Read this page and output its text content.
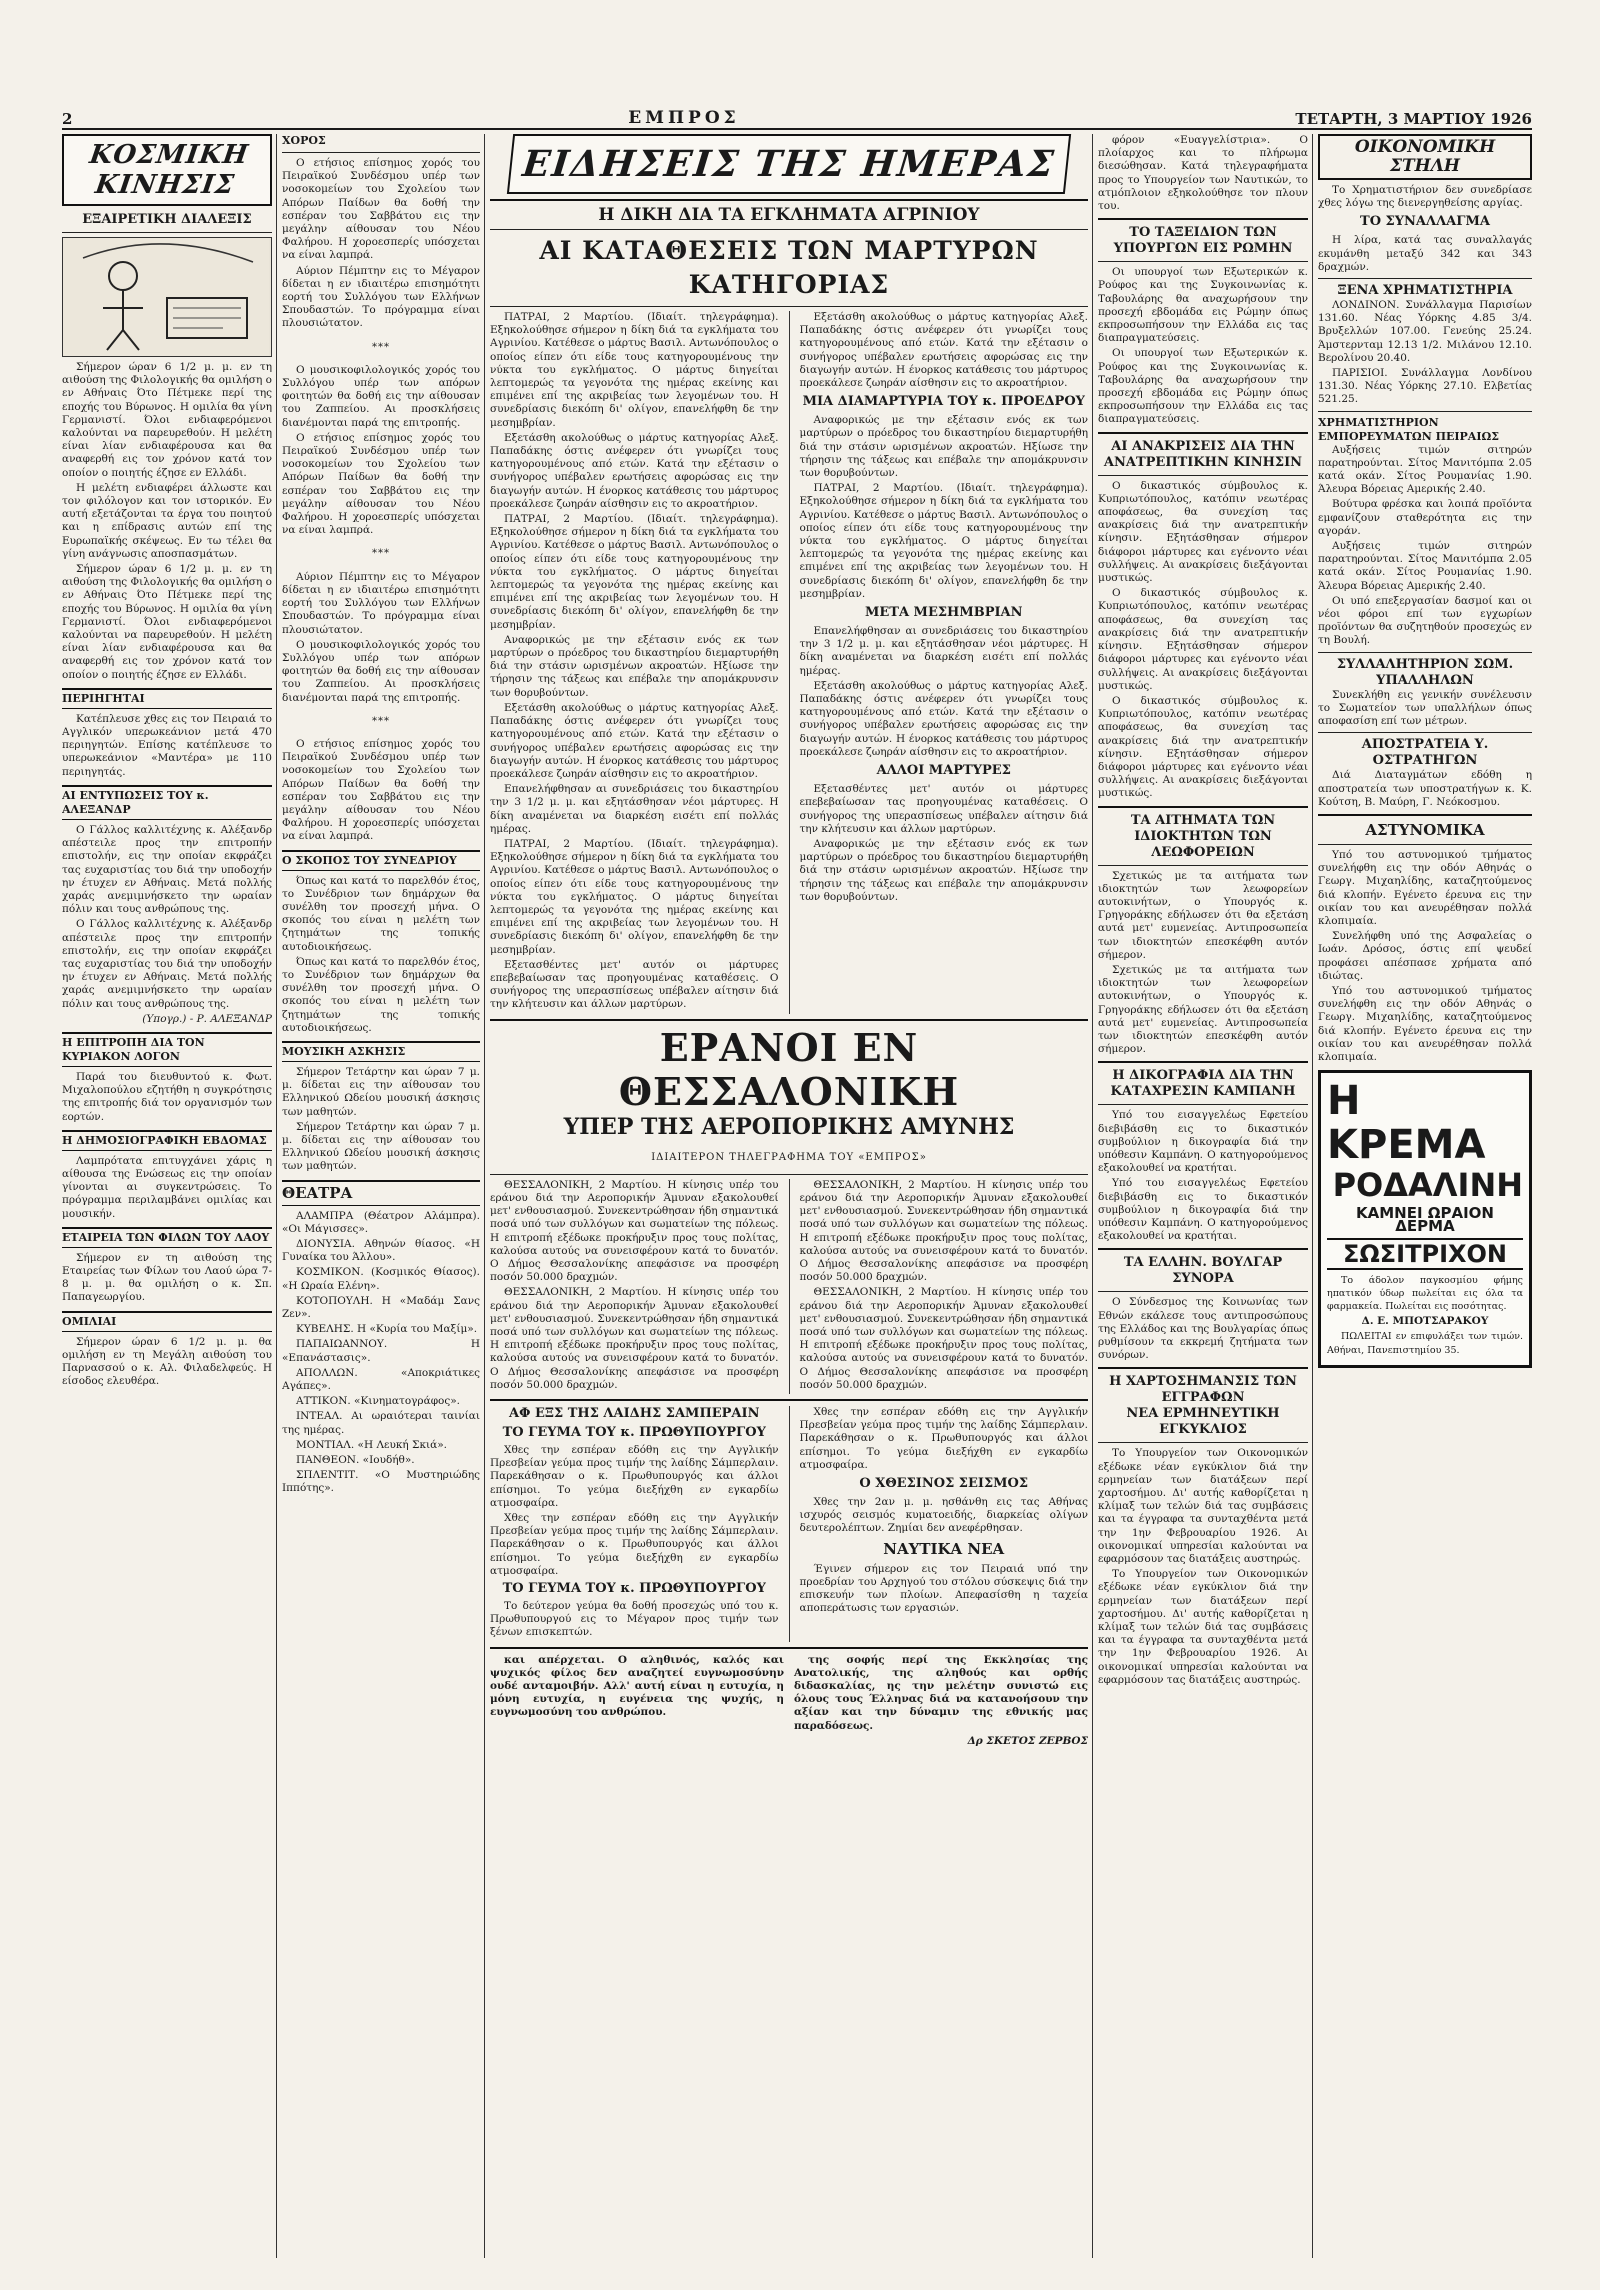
2	ΕΜΠΡΟΣ	ΤΕΤΑΡΤΗ, 3 ΜΑΡΤΙΟΥ 1926
ΚΟΣΜΙΚΗ ΚΙΝΗΣΙΣ
ΕΞΑΙΡΕΤΙΚΗ ΔΙΑΛΕΞΙΣ

Σήμερον ώραν 6 1/2 μ. μ. εν τη αιθούση της Φιλολογικής θα ομιλήση ο εν Αθήναις Ότο Πέτμεκε περί της εποχής του Βύρωνος. Η ομιλία θα γίνη Γερμανιστί. Όλοι ενδιαφερόμενοι καλούνται να παρευρεθούν. Η μελέτη είναι λίαν ενδιαφέρουσα και θα αναφερθή εις τον χρόνον κατά τον οποίον ο ποιητής έζησε εν Ελλάδι.

Η μελέτη ενδιαφέρει άλλωστε και τον φιλόλογον και τον ιστορικόν. Εν αυτή εξετάζονται τα έργα του ποιητού και η επίδρασις αυτών επί της Ευρωπαϊκής σκέψεως. Εν τω τέλει θα γίνη ανάγνωσις αποσπασμάτων.

Σήμερον ώραν 6 1/2 μ. μ. εν τη αιθούση της Φιλολογικής θα ομιλήση ο εν Αθήναις Ότο Πέτμεκε περί της εποχής του Βύρωνος. Η ομιλία θα γίνη Γερμανιστί. Όλοι ενδιαφερόμενοι καλούνται να παρευρεθούν. Η μελέτη είναι λίαν ενδιαφέρουσα και θα αναφερθή εις τον χρόνον κατά τον οποίον ο ποιητής έζησε εν Ελλάδι.

ΠΕΡΙΗΓΗΤΑΙ

Κατέπλευσε χθες εις τον Πειραιά το Αγγλικόν υπερωκεάνιον μετά 470 περιηγητών. Επίσης κατέπλευσε το υπερωκεάνιον «Μαντέρα» με 110 περιηγητάς.

ΑΙ ΕΝΤΥΠΩΣΕΙΣ ΤΟΥ κ. ΑΛΕΞΑΝΔΡ

Ο Γάλλος καλλιτέχνης κ. Αλέξανδρ απέστειλε προς την επιτροπήν επιστολήν, εις την οποίαν εκφράζει τας ευχαριστίας του διά την υποδοχήν ην έτυχεν εν Αθήναις. Μετά πολλής χαράς ανεμιμνήσκετο την ωραίαν πόλιν και τους ανθρώπους της.

Ο Γάλλος καλλιτέχνης κ. Αλέξανδρ απέστειλε προς την επιτροπήν επιστολήν, εις την οποίαν εκφράζει τας ευχαριστίας του διά την υποδοχήν ην έτυχεν εν Αθήναις. Μετά πολλής χαράς ανεμιμνήσκετο την ωραίαν πόλιν και τους ανθρώπους της.

(Υπογρ.) - Ρ. ΑΛΕΞΑΝΔΡ

Η ΕΠΙΤΡΟΠΗ ΔΙΑ ΤΟΝ ΚΥΡΙΑΚΟΝ ΛΟΓΟΝ

Παρά του διευθυντού κ. Φωτ. Μιχαλοπούλου εζητήθη η συγκρότησις της επιτροπής διά τον οργανισμόν των εορτών.

Η ΔΗΜΟΣΙΟΓΡΑΦΙΚΗ ΕΒΔΟΜΑΣ

Λαμπρότατα επιτυγχάνει χάρις η αίθουσα της Ενώσεως εις την οποίαν γίνονται αι συγκεντρώσεις. Το πρόγραμμα περιλαμβάνει ομιλίας και μουσικήν.

ΕΤΑΙΡΕΙΑ ΤΩΝ ΦΙΛΩΝ ΤΟΥ ΛΑΟΥ

Σήμερον εν τη αιθούση της Εταιρείας των Φίλων του Λαού ώρα 7-8 μ. μ. θα ομιλήση ο κ. Σπ. Παπαγεωργίου.

ΟΜΙΛΙΑΙ

Σήμερον ώραν 6 1/2 μ. μ. θα ομιλήση εν τη Μεγάλη αιθούση του Παρνασσού ο κ. Αλ. Φιλαδελφεύς. Η είσοδος ελευθέρα.

ΧΟΡΟΣ

Ο ετήσιος επίσημος χορός του Πειραϊκού Συνδέσμου υπέρ των νοσοκομείων του Σχολείου των Απόρων Παίδων θα δοθή την εσπέραν του Σαββάτου εις την μεγάλην αίθουσαν του Νέου Φαλήρου. Η χοροεσπερίς υπόσχεται να είναι λαμπρά.

Αύριον Πέμπτην εις το Μέγαρον δίδεται η εν ιδιαιτέρω επισημότητι εορτή του Συλλόγου των Ελλήνων Σπουδαστών. Το πρόγραμμα είναι πλουσιώτατον.

***

Ο μουσικοφιλολογικός χορός του Συλλόγου υπέρ των απόρων φοιτητών θα δοθή εις την αίθουσαν του Ζαππείου. Αι προσκλήσεις διανέμονται παρά της επιτροπής.

Ο ετήσιος επίσημος χορός του Πειραϊκού Συνδέσμου υπέρ των νοσοκομείων του Σχολείου των Απόρων Παίδων θα δοθή την εσπέραν του Σαββάτου εις την μεγάλην αίθουσαν του Νέου Φαλήρου. Η χοροεσπερίς υπόσχεται να είναι λαμπρά.

***

Αύριον Πέμπτην εις το Μέγαρον δίδεται η εν ιδιαιτέρω επισημότητι εορτή του Συλλόγου των Ελλήνων Σπουδαστών. Το πρόγραμμα είναι πλουσιώτατον.

Ο μουσικοφιλολογικός χορός του Συλλόγου υπέρ των απόρων φοιτητών θα δοθή εις την αίθουσαν του Ζαππείου. Αι προσκλήσεις διανέμονται παρά της επιτροπής.

***

Ο ετήσιος επίσημος χορός του Πειραϊκού Συνδέσμου υπέρ των νοσοκομείων του Σχολείου των Απόρων Παίδων θα δοθή την εσπέραν του Σαββάτου εις την μεγάλην αίθουσαν του Νέου Φαλήρου. Η χοροεσπερίς υπόσχεται να είναι λαμπρά.

Ο ΣΚΟΠΟΣ ΤΟΥ ΣΥΝΕΔΡΙΟΥ

Όπως και κατά το παρελθόν έτος, το Συνέδριον των δημάρχων θα συνέλθη τον προσεχή μήνα. Ο σκοπός του είναι η μελέτη των ζητημάτων της τοπικής αυτοδιοικήσεως.

Όπως και κατά το παρελθόν έτος, το Συνέδριον των δημάρχων θα συνέλθη τον προσεχή μήνα. Ο σκοπός του είναι η μελέτη των ζητημάτων της τοπικής αυτοδιοικήσεως.

ΜΟΥΣΙΚΗ ΑΣΚΗΣΙΣ

Σήμερον Τετάρτην και ώραν 7 μ. μ. δίδεται εις την αίθουσαν του Ελληνικού Ωδείου μουσική άσκησις των μαθητών.

Σήμερον Τετάρτην και ώραν 7 μ. μ. δίδεται εις την αίθουσαν του Ελληνικού Ωδείου μουσική άσκησις των μαθητών.

ΘΕΑΤΡΑ

ΑΛΑΜΠΡΑ (Θέατρον Αλάμπρα). «Οι Μάγισσες».

ΔΙΟΝΥΣΙΑ. Αθηνών θίασος. «Η Γυναίκα του Άλλου».

ΚΟΣΜΙΚΟΝ. (Κοσμικός Θίασος). «Η Ωραία Ελένη».

ΚΟΤΟΠΟΥΛΗ. Η «Μαδάμ Σανς Ζεν».

ΚΥΒΕΛΗΣ. Η «Κυρία του Μαξίμ».

ΠΑΠΑΙΩΑΝΝΟΥ. Η «Επανάστασις».

ΑΠΟΛΛΩΝ. «Αποκριάτικες Αγάπες».

ΑΤΤΙΚΟΝ. «Κινηματογράφος».

ΙΝΤΕΑΛ. Αι ωραιότεραι ταινίαι της ημέρας.

ΜΟΝΤΙΑΛ. «Η Λευκή Σκιά».

ΠΑΝΘΕΟΝ. «Ιουδήθ».

ΣΠΛΕΝΤΙΤ. «Ο Μυστηριώδης Ιππότης».

ΕΙΔΗΣΕΙΣ ΤΗΣ ΗΜΕΡΑΣ
Η ΔΙΚΗ ΔΙΑ ΤΑ ΕΓΚΛΗΜΑΤΑ ΑΓΡΙΝΙΟΥ
ΑΙ ΚΑΤΑΘΕΣΕΙΣ ΤΩΝ ΜΑΡΤΥΡΩΝ ΚΑΤΗΓΟΡΙΑΣ

ΠΑΤΡΑΙ, 2 Μαρτίου. (Ιδιαίτ. τηλεγράφημα). Εξηκολούθησε σήμερον η δίκη διά τα εγκλήματα του Αγρινίου. Κατέθεσε ο μάρτυς Βασιλ. Αντωνόπουλος ο οποίος είπεν ότι είδε τους κατηγορουμένους την νύκτα του εγκλήματος. Ο μάρτυς διηγείται λεπτομερώς τα γεγονότα της ημέρας εκείνης και επιμένει επί της ακριβείας των λεγομένων του. Η συνεδρίασις διεκόπη δι' ολίγον, επανελήφθη δε την μεσημβρίαν.

Εξετάσθη ακολούθως ο μάρτυς κατηγορίας Αλεξ. Παπαδάκης όστις ανέφερεν ότι γνωρίζει τους κατηγορουμένους από ετών. Κατά την εξέτασιν ο συνήγορος υπέβαλεν ερωτήσεις αφορώσας εις την διαγωγήν αυτών. Η ένορκος κατάθεσις του μάρτυρος προεκάλεσε ζωηράν αίσθησιν εις το ακροατήριον.

ΠΑΤΡΑΙ, 2 Μαρτίου. (Ιδιαίτ. τηλεγράφημα). Εξηκολούθησε σήμερον η δίκη διά τα εγκλήματα του Αγρινίου. Κατέθεσε ο μάρτυς Βασιλ. Αντωνόπουλος ο οποίος είπεν ότι είδε τους κατηγορουμένους την νύκτα του εγκλήματος. Ο μάρτυς διηγείται λεπτομερώς τα γεγονότα της ημέρας εκείνης και επιμένει επί της ακριβείας των λεγομένων του. Η συνεδρίασις διεκόπη δι' ολίγον, επανελήφθη δε την μεσημβρίαν.

Αναφορικώς με την εξέτασιν ενός εκ των μαρτύρων ο πρόεδρος του δικαστηρίου διεμαρτυρήθη διά την στάσιν ωρισμένων ακροατών. Ηξίωσε την τήρησιν της τάξεως και επέβαλε την απομάκρυνσιν των θορυβούντων.

Εξετάσθη ακολούθως ο μάρτυς κατηγορίας Αλεξ. Παπαδάκης όστις ανέφερεν ότι γνωρίζει τους κατηγορουμένους από ετών. Κατά την εξέτασιν ο συνήγορος υπέβαλεν ερωτήσεις αφορώσας εις την διαγωγήν αυτών. Η ένορκος κατάθεσις του μάρτυρος προεκάλεσε ζωηράν αίσθησιν εις το ακροατήριον.

Επανελήφθησαν αι συνεδριάσεις του δικαστηρίου την 3 1/2 μ. μ. και εξητάσθησαν νέοι μάρτυρες. Η δίκη αναμένεται να διαρκέση εισέτι επί πολλάς ημέρας.

ΠΑΤΡΑΙ, 2 Μαρτίου. (Ιδιαίτ. τηλεγράφημα). Εξηκολούθησε σήμερον η δίκη διά τα εγκλήματα του Αγρινίου. Κατέθεσε ο μάρτυς Βασιλ. Αντωνόπουλος ο οποίος είπεν ότι είδε τους κατηγορουμένους την νύκτα του εγκλήματος. Ο μάρτυς διηγείται λεπτομερώς τα γεγονότα της ημέρας εκείνης και επιμένει επί της ακριβείας των λεγομένων του. Η συνεδρίασις διεκόπη δι' ολίγον, επανελήφθη δε την μεσημβρίαν.

Εξετασθέντες μετ' αυτόν οι μάρτυρες επεβεβαίωσαν τας προηγουμένας καταθέσεις. Ο συνήγορος της υπερασπίσεως υπέβαλεν αίτησιν διά την κλήτευσιν και άλλων μαρτύρων.

Εξετάσθη ακολούθως ο μάρτυς κατηγορίας Αλεξ. Παπαδάκης όστις ανέφερεν ότι γνωρίζει τους κατηγορουμένους από ετών. Κατά την εξέτασιν ο συνήγορος υπέβαλεν ερωτήσεις αφορώσας εις την διαγωγήν αυτών. Η ένορκος κατάθεσις του μάρτυρος προεκάλεσε ζωηράν αίσθησιν εις το ακροατήριον.

ΜΙΑ ΔΙΑΜΑΡΤΥΡΙΑ ΤΟΥ κ. ΠΡΟΕΔΡΟΥ

Αναφορικώς με την εξέτασιν ενός εκ των μαρτύρων ο πρόεδρος του δικαστηρίου διεμαρτυρήθη διά την στάσιν ωρισμένων ακροατών. Ηξίωσε την τήρησιν της τάξεως και επέβαλε την απομάκρυνσιν των θορυβούντων.

ΠΑΤΡΑΙ, 2 Μαρτίου. (Ιδιαίτ. τηλεγράφημα). Εξηκολούθησε σήμερον η δίκη διά τα εγκλήματα του Αγρινίου. Κατέθεσε ο μάρτυς Βασιλ. Αντωνόπουλος ο οποίος είπεν ότι είδε τους κατηγορουμένους την νύκτα του εγκλήματος. Ο μάρτυς διηγείται λεπτομερώς τα γεγονότα της ημέρας εκείνης και επιμένει επί της ακριβείας των λεγομένων του. Η συνεδρίασις διεκόπη δι' ολίγον, επανελήφθη δε την μεσημβρίαν.

ΜΕΤΑ ΜΕΣΗΜΒΡΙΑΝ

Επανελήφθησαν αι συνεδριάσεις του δικαστηρίου την 3 1/2 μ. μ. και εξητάσθησαν νέοι μάρτυρες. Η δίκη αναμένεται να διαρκέση εισέτι επί πολλάς ημέρας.

Εξετάσθη ακολούθως ο μάρτυς κατηγορίας Αλεξ. Παπαδάκης όστις ανέφερεν ότι γνωρίζει τους κατηγορουμένους από ετών. Κατά την εξέτασιν ο συνήγορος υπέβαλεν ερωτήσεις αφορώσας εις την διαγωγήν αυτών. Η ένορκος κατάθεσις του μάρτυρος προεκάλεσε ζωηράν αίσθησιν εις το ακροατήριον.

ΑΛΛΟΙ ΜΑΡΤΥΡΕΣ

Εξετασθέντες μετ' αυτόν οι μάρτυρες επεβεβαίωσαν τας προηγουμένας καταθέσεις. Ο συνήγορος της υπερασπίσεως υπέβαλεν αίτησιν διά την κλήτευσιν και άλλων μαρτύρων.

Αναφορικώς με την εξέτασιν ενός εκ των μαρτύρων ο πρόεδρος του δικαστηρίου διεμαρτυρήθη διά την στάσιν ωρισμένων ακροατών. Ηξίωσε την τήρησιν της τάξεως και επέβαλε την απομάκρυνσιν των θορυβούντων.

ΕΡΑΝΟΙ ΕΝ ΘΕΣΣΑΛΟΝΙΚΗ
ΥΠΕΡ ΤΗΣ ΑΕΡΟΠΟΡΙΚΗΣ ΑΜΥΝΗΣ

ΙΔΙΑΙΤΕΡΟΝ ΤΗΛΕΓΡΑΦΗΜΑ ΤΟΥ «ΕΜΠΡΟΣ»

ΘΕΣΣΑΛΟΝΙΚΗ, 2 Μαρτίου. Η κίνησις υπέρ του εράνου διά την Αεροπορικήν Άμυναν εξακολουθεί μετ' ενθουσιασμού. Συνεκεντρώθησαν ήδη σημαντικά ποσά υπό των συλλόγων και σωματείων της πόλεως. Η επιτροπή εξέδωκε προκήρυξιν προς τους πολίτας, καλούσα αυτούς να συνεισφέρουν κατά το δυνατόν. Ο Δήμος Θεσσαλονίκης απεφάσισε να προσφέρη ποσόν 50.000 δραχμών.

ΘΕΣΣΑΛΟΝΙΚΗ, 2 Μαρτίου. Η κίνησις υπέρ του εράνου διά την Αεροπορικήν Άμυναν εξακολουθεί μετ' ενθουσιασμού. Συνεκεντρώθησαν ήδη σημαντικά ποσά υπό των συλλόγων και σωματείων της πόλεως. Η επιτροπή εξέδωκε προκήρυξιν προς τους πολίτας, καλούσα αυτούς να συνεισφέρουν κατά το δυνατόν. Ο Δήμος Θεσσαλονίκης απεφάσισε να προσφέρη ποσόν 50.000 δραχμών.

ΘΕΣΣΑΛΟΝΙΚΗ, 2 Μαρτίου. Η κίνησις υπέρ του εράνου διά την Αεροπορικήν Άμυναν εξακολουθεί μετ' ενθουσιασμού. Συνεκεντρώθησαν ήδη σημαντικά ποσά υπό των συλλόγων και σωματείων της πόλεως. Η επιτροπή εξέδωκε προκήρυξιν προς τους πολίτας, καλούσα αυτούς να συνεισφέρουν κατά το δυνατόν. Ο Δήμος Θεσσαλονίκης απεφάσισε να προσφέρη ποσόν 50.000 δραχμών.

ΘΕΣΣΑΛΟΝΙΚΗ, 2 Μαρτίου. Η κίνησις υπέρ του εράνου διά την Αεροπορικήν Άμυναν εξακολουθεί μετ' ενθουσιασμού. Συνεκεντρώθησαν ήδη σημαντικά ποσά υπό των συλλόγων και σωματείων της πόλεως. Η επιτροπή εξέδωκε προκήρυξιν προς τους πολίτας, καλούσα αυτούς να συνεισφέρουν κατά το δυνατόν. Ο Δήμος Θεσσαλονίκης απεφάσισε να προσφέρη ποσόν 50.000 δραχμών.

ΑΦ ΕΞΣ ΤΗΣ ΛΑΙΔΗΣ ΣΑΜΠΕΡΑΙΝ
ΤΟ ΓΕΥΜΑ ΤΟΥ κ. ΠΡΩΘΥΠΟΥΡΓΟΥ

Χθες την εσπέραν εδόθη εις την Αγγλικήν Πρεσβείαν γεύμα προς τιμήν της λαίδης Σάμπερλαιν. Παρεκάθησαν ο κ. Πρωθυπουργός και άλλοι επίσημοι. Το γεύμα διεξήχθη εν εγκαρδίω ατμοσφαίρα.

Χθες την εσπέραν εδόθη εις την Αγγλικήν Πρεσβείαν γεύμα προς τιμήν της λαίδης Σάμπερλαιν. Παρεκάθησαν ο κ. Πρωθυπουργός και άλλοι επίσημοι. Το γεύμα διεξήχθη εν εγκαρδίω ατμοσφαίρα.

ΤΟ ΓΕΥΜΑ ΤΟΥ κ. ΠΡΩΘΥΠΟΥΡΓΟΥ

Το δεύτερον γεύμα θα δοθή προσεχώς υπό του κ. Πρωθυπουργού εις το Μέγαρον προς τιμήν των ξένων επισκεπτών.

Χθες την εσπέραν εδόθη εις την Αγγλικήν Πρεσβείαν γεύμα προς τιμήν της λαίδης Σάμπερλαιν. Παρεκάθησαν ο κ. Πρωθυπουργός και άλλοι επίσημοι. Το γεύμα διεξήχθη εν εγκαρδίω ατμοσφαίρα.

Ο ΧΘΕΣΙΝΟΣ ΣΕΙΣΜΟΣ

Χθες την 2αν μ. μ. ησθάνθη εις τας Αθήνας ισχυρός σεισμός κυματοειδής, διαρκείας ολίγων δευτερολέπτων. Ζημίαι δεν ανεφέρθησαν.

ΝΑΥΤΙΚΑ ΝΕΑ

Έγινεν σήμερον εις τον Πειραιά υπό την προεδρίαν του Αρχηγού του στόλου σύσκεψις διά την επισκευήν των πλοίων. Απεφασίσθη η ταχεία αποπεράτωσις των εργασιών.

και απέρχεται. Ο αληθινός, καλός και ψυχικός φίλος δεν αναζητεί ευγνωμοσύνην ουδέ ανταμοιβήν. Αλλ' αυτή είναι η ευτυχία, η μόνη ευτυχία, η ευγένεια της ψυχής, η ευγνωμοσύνη του ανθρώπου.

της σοφής περί της Εκκλησίας της Ανατολικής, της αληθούς και ορθής διδασκαλίας, ης την μελέτην συνιστώ εις όλους τους Έλληνας διά να κατανοήσουν την αξίαν και την δύναμιν της εθνικής μας παραδόσεως.

Δρ ΣΚΕΤΟΣ ΖΕΡΒΟΣ

φόρον «Ευαγγελίστρια». Ο πλοίαρχος και το πλήρωμα διεσώθησαν. Κατά τηλεγραφήματα προς το Υπουργείον των Ναυτικών, το ατμόπλοιον εξηκολούθησε τον πλουν του.

ΤΟ ΤΑΞΕΙΔΙΟΝ ΤΩΝ ΥΠΟΥΡΓΩΝ ΕΙΣ ΡΩΜΗΝ

Οι υπουργοί των Εξωτερικών κ. Ρούφος και της Συγκοινωνίας κ. Ταβουλάρης θα αναχωρήσουν την προσεχή εβδομάδα εις Ρώμην όπως εκπροσωπήσουν την Ελλάδα εις τας διαπραγματεύσεις.

Οι υπουργοί των Εξωτερικών κ. Ρούφος και της Συγκοινωνίας κ. Ταβουλάρης θα αναχωρήσουν την προσεχή εβδομάδα εις Ρώμην όπως εκπροσωπήσουν την Ελλάδα εις τας διαπραγματεύσεις.

ΑΙ ΑΝΑΚΡΙΣΕΙΣ ΔΙΑ ΤΗΝ ΑΝΑΤΡΕΠΤΙΚΗΝ ΚΙΝΗΣΙΝ

Ο δικαστικός σύμβουλος κ. Κυπριωτόπουλος, κατόπιν νεωτέρας αποφάσεως, θα συνεχίση τας ανακρίσεις διά την ανατρεπτικήν κίνησιν. Εξητάσθησαν σήμερον διάφοροι μάρτυρες και εγένοντο νέαι συλλήψεις. Αι ανακρίσεις διεξάγονται μυστικώς.

Ο δικαστικός σύμβουλος κ. Κυπριωτόπουλος, κατόπιν νεωτέρας αποφάσεως, θα συνεχίση τας ανακρίσεις διά την ανατρεπτικήν κίνησιν. Εξητάσθησαν σήμερον διάφοροι μάρτυρες και εγένοντο νέαι συλλήψεις. Αι ανακρίσεις διεξάγονται μυστικώς.

Ο δικαστικός σύμβουλος κ. Κυπριωτόπουλος, κατόπιν νεωτέρας αποφάσεως, θα συνεχίση τας ανακρίσεις διά την ανατρεπτικήν κίνησιν. Εξητάσθησαν σήμερον διάφοροι μάρτυρες και εγένοντο νέαι συλλήψεις. Αι ανακρίσεις διεξάγονται μυστικώς.

ΤΑ ΑΙΤΗΜΑΤΑ ΤΩΝ ΙΔΙΟΚΤΗΤΩΝ ΤΩΝ ΛΕΩΦΟΡΕΙΩΝ

Σχετικώς με τα αιτήματα των ιδιοκτητών των λεωφορείων αυτοκινήτων, ο Υπουργός κ. Γρηγοράκης εδήλωσεν ότι θα εξετάση αυτά μετ' ευμενείας. Αντιπροσωπεία των ιδιοκτητών επεσκέφθη αυτόν σήμερον.

Σχετικώς με τα αιτήματα των ιδιοκτητών των λεωφορείων αυτοκινήτων, ο Υπουργός κ. Γρηγοράκης εδήλωσεν ότι θα εξετάση αυτά μετ' ευμενείας. Αντιπροσωπεία των ιδιοκτητών επεσκέφθη αυτόν σήμερον.

Η ΔΙΚΟΓΡΑΦΙΑ ΔΙΑ ΤΗΝ ΚΑΤΑΧΡΕΣΙΝ ΚΑΜΠΑΝΗ

Υπό του εισαγγελέως Εφετείου διεβιβάσθη εις το δικαστικόν συμβούλιον η δικογραφία διά την υπόθεσιν Καμπάνη. Ο κατηγορούμενος εξακολουθεί να κρατήται.

Υπό του εισαγγελέως Εφετείου διεβιβάσθη εις το δικαστικόν συμβούλιον η δικογραφία διά την υπόθεσιν Καμπάνη. Ο κατηγορούμενος εξακολουθεί να κρατήται.

ΤΑ ΕΛΛΗΝ. ΒΟΥΛΓΑΡ ΣΥΝΟΡΑ

Ο Σύνδεσμος της Κοινωνίας των Εθνών εκάλεσε τους αντιπροσώπους της Ελλάδος και της Βουλγαρίας όπως ρυθμίσουν τα εκκρεμή ζητήματα των συνόρων.

Η ΧΑΡΤΟΣΗΜΑΝΣΙΣ ΤΩΝ ΕΓΓΡΑΦΩΝ
ΝΕΑ ΕΡΜΗΝΕΥΤΙΚΗ ΕΓΚΥΚΛΙΟΣ

Το Υπουργείον των Οικονομικών εξέδωκε νέαν εγκύκλιον διά την ερμηνείαν των διατάξεων περί χαρτοσήμου. Δι' αυτής καθορίζεται η κλίμαξ των τελών διά τας συμβάσεις και τα έγγραφα τα συνταχθέντα μετά την 1ην Φεβρουαρίου 1926. Αι οικονομικαί υπηρεσίαι καλούνται να εφαρμόσουν τας διατάξεις αυστηρώς.

Το Υπουργείον των Οικονομικών εξέδωκε νέαν εγκύκλιον διά την ερμηνείαν των διατάξεων περί χαρτοσήμου. Δι' αυτής καθορίζεται η κλίμαξ των τελών διά τας συμβάσεις και τα έγγραφα τα συνταχθέντα μετά την 1ην Φεβρουαρίου 1926. Αι οικονομικαί υπηρεσίαι καλούνται να εφαρμόσουν τας διατάξεις αυστηρώς.

ΟΙΚΟΝΟΜΙΚΗ ΣΤΗΛΗ

Το Χρηματιστήριον δεν συνεδρίασε χθες λόγω της διενεργηθείσης αργίας.

ΤΟ ΣΥΝΑΛΛΑΓΜΑ

Η λίρα, κατά τας συναλλαγάς εκυμάνθη μεταξύ 342 και 343 δραχμών.

ΞΕΝΑ ΧΡΗΜΑΤΙΣΤΗΡΙΑ

ΛΟΝΔΙΝΟΝ. Συνάλλαγμα Παρισίων 131.60. Νέας Υόρκης 4.85 3/4. Βρυξελλών 107.00. Γενεύης 25.24. Άμστερνταμ 12.13 1/2. Μιλάνου 12.10. Βερολίνου 20.40.

ΠΑΡΙΣΙΟΙ. Συνάλλαγμα Λονδίνου 131.30. Νέας Υόρκης 27.10. Ελβετίας 521.25.

ΧΡΗΜΑΤΙΣΤΗΡΙΟΝ ΕΜΠΟΡΕΥΜΑΤΩΝ ΠΕΙΡΑΙΩΣ

Αυξήσεις τιμών σιτηρών παρατηρούνται. Σίτος Μανιτόμπα 2.05 κατά οκάν. Σίτος Ρουμανίας 1.90. Άλευρα Βόρειας Αμερικής 2.40.

Βούτυρα φρέσκα και λοιπά προϊόντα εμφανίζουν σταθερότητα εις την αγοράν.

Αυξήσεις τιμών σιτηρών παρατηρούνται. Σίτος Μανιτόμπα 2.05 κατά οκάν. Σίτος Ρουμανίας 1.90. Άλευρα Βόρειας Αμερικής 2.40.

Οι υπό επεξεργασίαν δασμοί και οι νέοι φόροι επί των εγχωρίων προϊόντων θα συζητηθούν προσεχώς εν τη Βουλή.

ΣΥΛΛΑΛΗΤΗΡΙΟΝ ΣΩΜ. ΥΠΑΛΛΗΛΩΝ

Συνεκλήθη εις γενικήν συνέλευσιν το Σωματείον των υπαλλήλων όπως αποφασίση επί των μέτρων.

ΑΠΟΣΤΡΑΤΕΙΑ Υ. ΟΣΤΡΑΤΗΓΩΝ

Διά Διαταγμάτων εδόθη η αποστρατεία των υποστρατήγων κ. Κ. Κούτση, Β. Μαύρη, Γ. Νεόκοσμου.

ΑΣΤΥΝΟΜΙΚΑ

Υπό του αστυνομικού τμήματος συνελήφθη εις την οδόν Αθηνάς ο Γεωργ. Μιχαηλίδης, καταζητούμενος διά κλοπήν. Εγένετο έρευνα εις την οικίαν του και ανευρέθησαν πολλά κλοπιμαία.

Συνελήφθη υπό της Ασφαλείας ο Ιωάν. Δρόσος, όστις επί ψευδεί προφάσει απέσπασε χρήματα από ιδιώτας.

Υπό του αστυνομικού τμήματος συνελήφθη εις την οδόν Αθηνάς ο Γεωργ. Μιχαηλίδης, καταζητούμενος διά κλοπήν. Εγένετο έρευνα εις την οικίαν του και ανευρέθησαν πολλά κλοπιμαία.

Η ΚΡΕΜΑ
ΡΟΔΑΛΙΝΗ
ΚΑΜΝΕΙ ΩΡΑΙΟΝ ΔΕΡΜΑ
ΣΩΣΙΤΡΙΧΟΝ

Το άδολον παγκοσμίου φήμης ηπατικόν ύδωρ πωλείται εις όλα τα φαρμακεία. Πωλείται εις ποσότητας.

Δ. Ε. ΜΠΟΤΣΑΡΑΚΟΥ

ΠΩΛΕΙΤΑΙ εν επιφυλάξει των τιμών. Αθήναι, Πανεπιστημίου 35.
